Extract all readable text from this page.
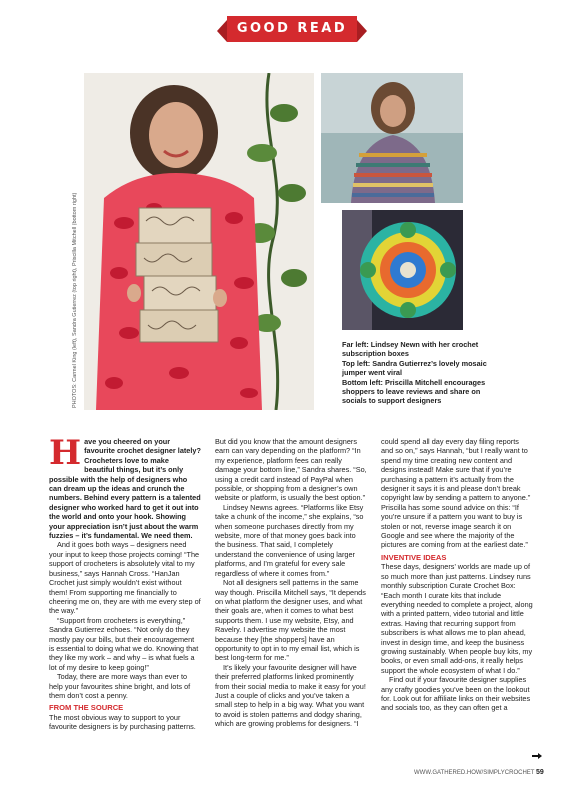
GOOD READ
PHOTOS: Carmel King (left), Sandra Gutierrez (top right), Priscilla Mitchell (bottom right)	Far left: Lindsey Newn with her crochet subscription boxes

Top left: Sandra Gutierrez’s lovely mosaic jumper went viral

Bottom left: Priscilla Mitchell encourages shoppers to leave reviews and share on socials to support designers

Have you cheered on your favourite crochet designer lately? Crocheters love to make beautiful things, but it’s only possible with the help of designers who can dream up the ideas and crunch the numbers. Behind every pattern is a talented designer who worked hard to get it out into the world and onto your hook. Showing your appreciation isn’t just about the warm fuzzies – it’s fundamental. We need them.

And it goes both ways – designers need your input to keep those projects coming! “The support of crocheters is absolutely vital to my business,” says Hannah Cross. “HanJan Crochet just simply wouldn’t exist without them! From supporting me financially to cheering me on, they are with me every step of the way.”

“Support from crocheters is everything,” Sandra Gutierrez echoes. “Not only do they mostly pay our bills, but their encouragement is essential to doing what we do. Knowing that they like my work – and why – is what fuels a lot of my desire to keep going!”

Today, there are more ways than ever to help your favourites shine bright, and lots of them don’t cost a penny.

FROM THE SOURCE

The most obvious way to support to your favourite designers is by purchasing patterns.

But did you know that the amount designers earn can vary depending on the platform? “In my experience, platform fees can really damage your bottom line,” Sandra shares. “So, using a credit card instead of PayPal when possible, or shopping from a designer’s own website or platform, is usually the best option.”

Lindsey Newns agrees. “Platforms like Etsy take a chunk of the income,” she explains, “so when someone purchases directly from my website, more of that money goes back into the business. That said, I completely understand the convenience of using larger platforms, and I’m grateful for every sale regardless of where it comes from.”

Not all designers sell patterns in the same way though. Priscilla Mitchell says, “It depends on what platform the designer uses, and what their goals are, when it comes to what best supports them. I use my website, Etsy, and Ravelry. I advertise my website the most because they [the shoppers] have an opportunity to opt in to my email list, which is best long-term for me.”

It’s likely your favourite designer will have their preferred platforms linked prominently from their social media to make it easy for you! Just a couple of clicks and you’ve taken a small step to help in a big way. What you want to avoid is stolen patterns and dodgy sharing, which are growing problems for designers. “I

could spend all day every day filing reports and so on,” says Hannah, “but I really want to spend my time creating new content and designs instead! Make sure that if you’re purchasing a pattern it’s actually from the designer it says it is and please don’t break copyright law by sending a pattern to anyone.” Priscilla has some sound advice on this: “If you’re unsure if a pattern you want to buy is stolen or not, reverse image search it on Google and see where the majority of the pictures are coming from at the earliest date.”

INVENTIVE IDEAS

These days, designers’ worlds are made up of so much more than just patterns. Lindsey runs monthly subscription Curate Crochet Box: “Each month I curate kits that include everything needed to complete a project, along with a printed pattern, video tutorial and little extras. Having that recurring support from subscribers is what allows me to plan ahead, invest in design time, and keep the business growing sustainably. When people buy kits, my books, or even small add-ons, it really helps support the whole ecosystem of what I do.”

Find out if your favourite designer supplies any crafty goodies you’ve been on the lookout for. Look out for affiliate links on their websites and socials too, as they can often get a

WWW.GATHERED.HOW/SIMPLYCROCHET 59
